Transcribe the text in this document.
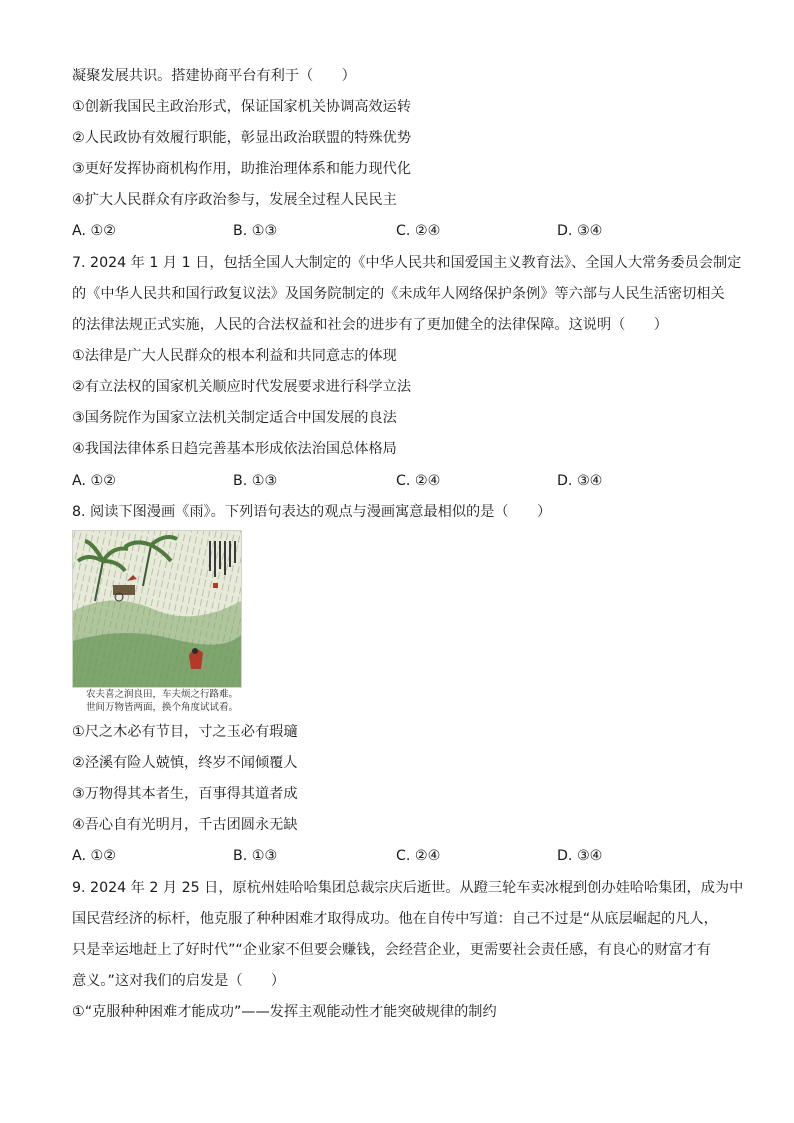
凝聚发展共识。搭建协商平台有利于（　　）
①创新我国民主政治形式，保证国家机关协调高效运转
②人民政协有效履行职能，彰显出政治联盟的特殊优势
③更好发挥协商机构作用，助推治理体系和能力现代化
④扩大人民群众有序政治参与，发展全过程人民民主
A. ①②	B. ①③	C. ②④	D. ③④
7. 2024 年 1 月 1 日，包括全国人大制定的《中华人民共和国爱国主义教育法》、全国人大常务委员会制定
的《中华人民共和国行政复议法》及国务院制定的《未成年人网络保护条例》等六部与人民生活密切相关
的法律法规正式实施，人民的合法权益和社会的进步有了更加健全的法律保障。这说明（　　）
①法律是广大人民群众的根本利益和共同意志的体现
②有立法权的国家机关顺应时代发展要求进行科学立法
③国务院作为国家立法机关制定适合中国发展的良法
④我国法律体系日趋完善基本形成依法治国总体格局
A. ①②	B. ①③	C. ②④	D. ③④
8. 阅读下图漫画《雨》。下列语句表达的观点与漫画寓意最相似的是（　　）
农夫喜之润良田，车夫烦之行路难。
世间万物皆两面，换个角度试试看。
①尺之木必有节目，寸之玉必有瑕瓋
②泾溪有险人兢慎，终岁不闻倾覆人
③万物得其本者生，百事得其道者成
④吾心自有光明月，千古团圆永无缺
A. ①②	B. ①③	C. ②④	D. ③④
9. 2024 年 2 月 25 日，原杭州娃哈哈集团总裁宗庆后逝世。从蹬三轮车卖冰棍到创办娃哈哈集团，成为中
国民营经济的标杆，他克服了种种困难才取得成功。他在自传中写道：自己不过是“从底层崛起的凡人，
只是幸运地赶上了好时代”“企业家不但要会赚钱，会经营企业，更需要社会责任感，有良心的财富才有
意义。”这对我们的启发是（　　）
①“克服种种困难才能成功”——发挥主观能动性才能突破规律的制约
